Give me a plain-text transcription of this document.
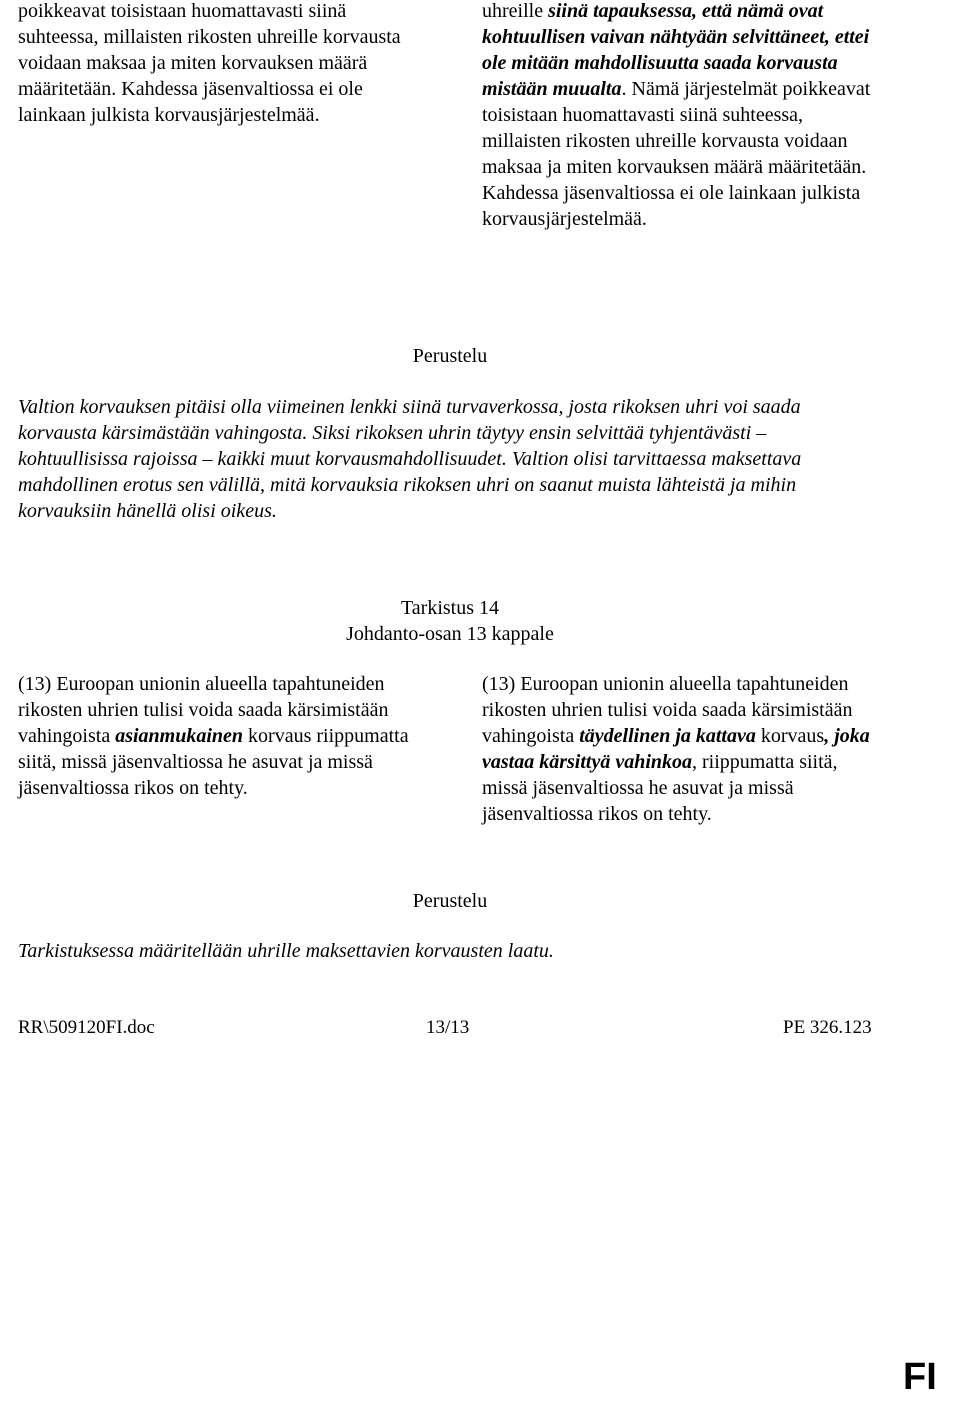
poikkeavat toisistaan huomattavasti siinä suhteessa, millaisten rikosten uhreille korvausta voidaan maksaa ja miten korvauksen määrä määritetään. Kahdessa jäsenvaltiossa ei ole lainkaan julkista korvausjärjestelmää.

uhreille siinä tapauksessa, että nämä ovat kohtuullisen vaivan nähtyään selvittäneet, ettei ole mitään mahdollisuutta saada korvausta mistään muualta. Nämä järjestelmät poikkeavat toisistaan huomattavasti siinä suhteessa, millaisten rikosten uhreille korvausta voidaan maksaa ja miten korvauksen määrä määritetään. Kahdessa jäsenvaltiossa ei ole lainkaan julkista korvausjärjestelmää.

Perustelu

Valtion korvauksen pitäisi olla viimeinen lenkki siinä turvaverkossa, josta rikoksen uhri voi saada korvausta kärsimästään vahingosta. Siksi rikoksen uhrin täytyy ensin selvittää tyhjentävästi – kohtuullisissa rajoissa – kaikki muut korvausmahdollisuudet. Valtion olisi tarvittaessa maksettava mahdollinen erotus sen välillä, mitä korvauksia rikoksen uhri on saanut muista lähteistä ja mihin korvauksiin hänellä olisi oikeus.

Tarkistus 14

Johdanto-osan 13 kappale

(13) Euroopan unionin alueella tapahtuneiden rikosten uhrien tulisi voida saada kärsimistään vahingoista asianmukainen korvaus riippumatta siitä, missä jäsenvaltiossa he asuvat ja missä jäsenvaltiossa rikos on tehty.

(13) Euroopan unionin alueella tapahtuneiden rikosten uhrien tulisi voida saada kärsimistään vahingoista täydellinen ja kattava korvaus, joka vastaa kärsittyä vahinkoa, riippumatta siitä, missä jäsenvaltiossa he asuvat ja missä jäsenvaltiossa rikos on tehty.

Perustelu

Tarkistuksessa määritellään uhrille maksettavien korvausten laatu.

RR\509120FI.doc	13/13	PE 326.123

FI
